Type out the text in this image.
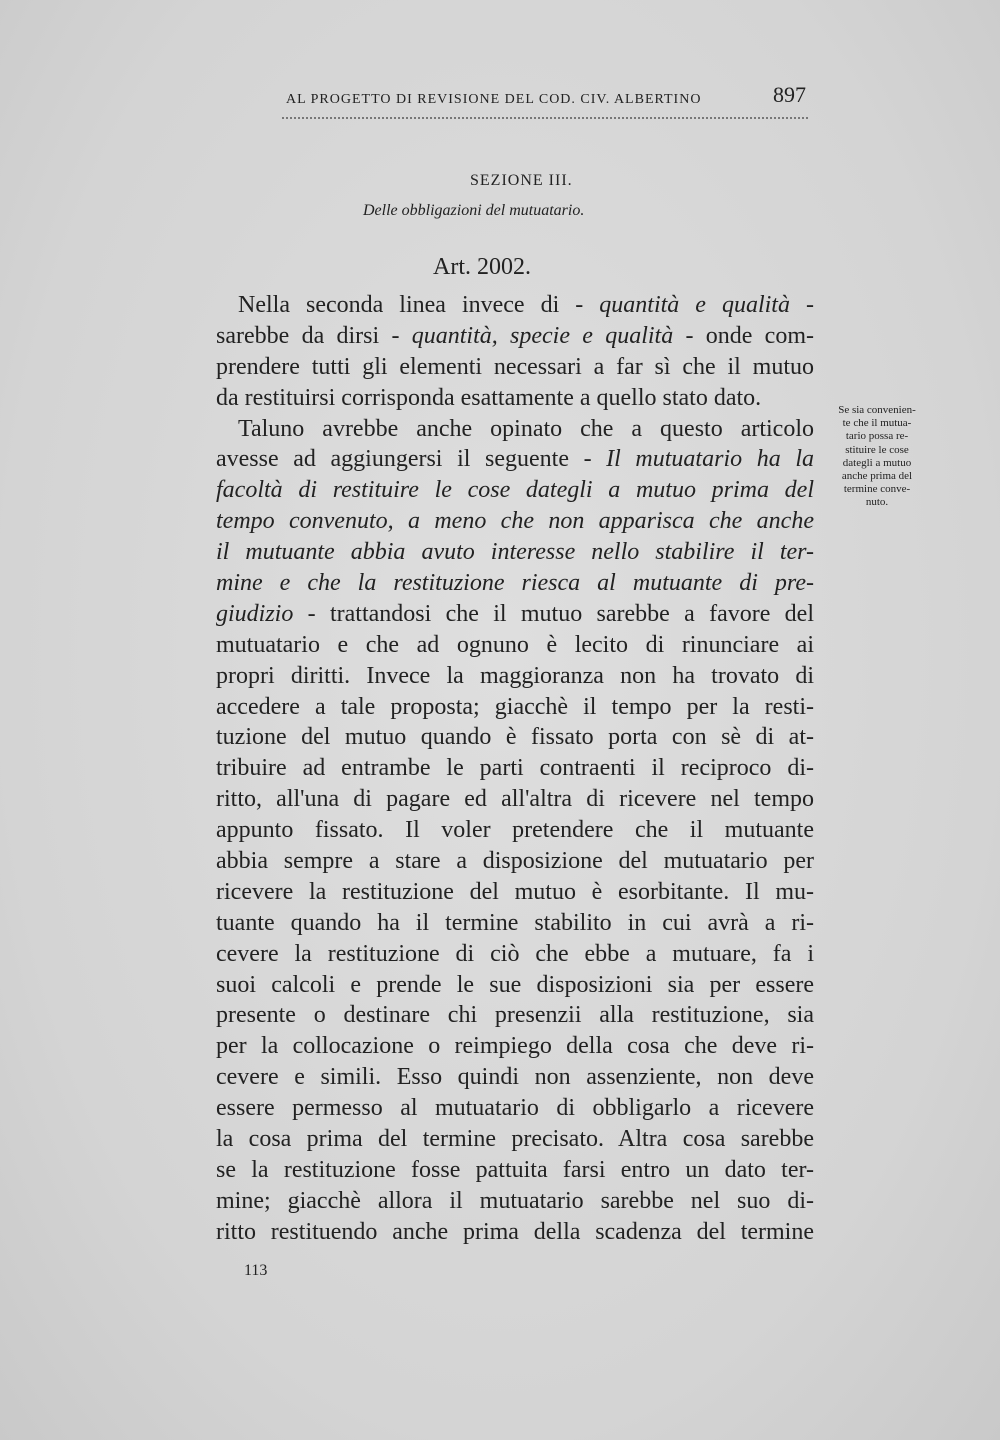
AL PROGETTO DI REVISIONE DEL COD. CIV. ALBERTINO	897
SEZIONE III.
Delle obbligazioni del mutuatario.
Art. 2002.
Nella seconda linea invece di - quantità e qualità -
sarebbe da dirsi - quantità, specie e qualità - onde com-
prendere tutti gli elementi necessari a far sì che il mutuo
da restituirsi corrisponda esattamente a quello stato dato.
Taluno avrebbe anche opinato che a questo articolo
avesse ad aggiungersi il seguente - Il mutuatario ha la
facoltà di restituire le cose dategli a mutuo prima del
tempo convenuto, a meno che non apparisca che anche
il mutuante abbia avuto interesse nello stabilire il ter-
mine e che la restituzione riesca al mutuante di pre-
giudizio - trattandosi che il mutuo sarebbe a favore del
mutuatario e che ad ognuno è lecito di rinunciare ai
propri diritti. Invece la maggioranza non ha trovato di
accedere a tale proposta; giacchè il tempo per la resti-
tuzione del mutuo quando è fissato porta con sè di at-
tribuire ad entrambe le parti contraenti il reciproco di-
ritto, all'una di pagare ed all'altra di ricevere nel tempo
appunto fissato. Il voler pretendere che il mutuante
abbia sempre a stare a disposizione del mutuatario per
ricevere la restituzione del mutuo è esorbitante. Il mu-
tuante quando ha il termine stabilito in cui avrà a ri-
cevere la restituzione di ciò che ebbe a mutuare, fa i
suoi calcoli e prende le sue disposizioni sia per essere
presente o destinare chi presenzii alla restituzione, sia
per la collocazione o reimpiego della cosa che deve ri-
cevere e simili. Esso quindi non assenziente, non deve
essere permesso al mutuatario di obbligarlo a ricevere
la cosa prima del termine precisato. Altra cosa sarebbe
se la restituzione fosse pattuita farsi entro un dato ter-
mine; giacchè allora il mutuatario sarebbe nel suo di-
ritto restituendo anche prima della scadenza del termine
Se sia convenien-
te che il mutua-
tario possa re-
stituire le cose
dategli a mutuo
anche prima del
termine conve-
nuto.
113
